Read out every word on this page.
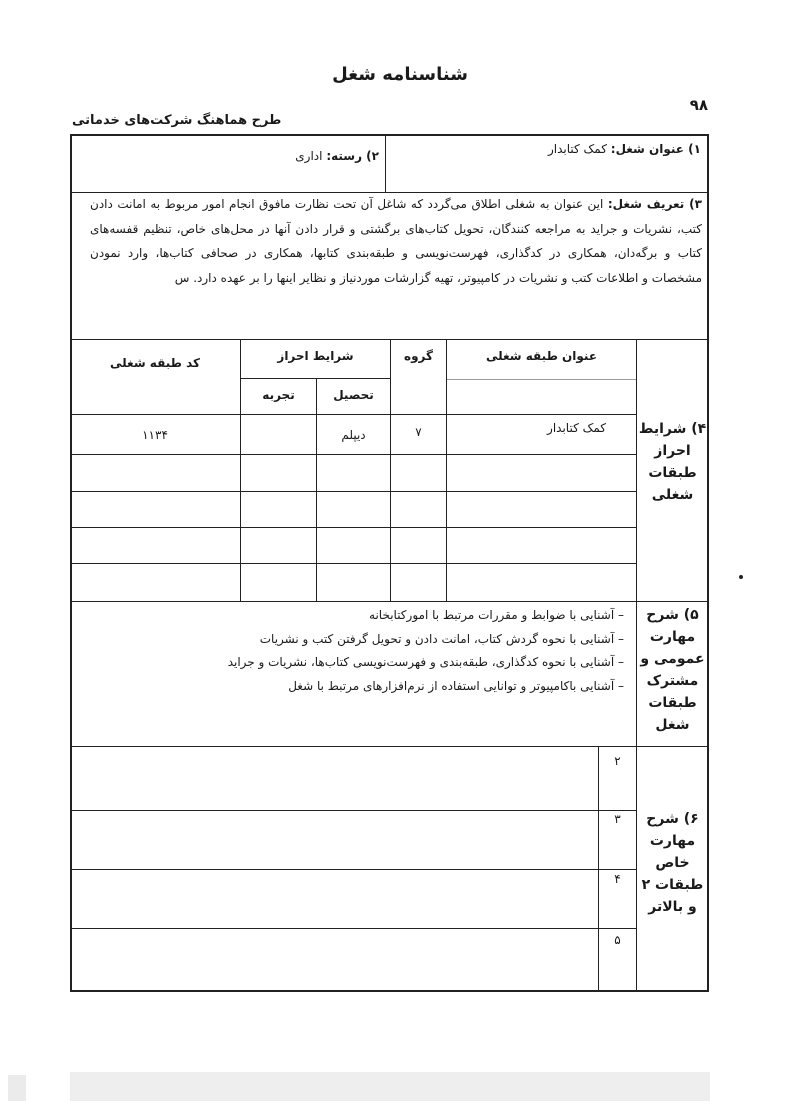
شناسنامه شغل
۹۸
طرح هماهنگ شرکت‌های خدماتی
۱) عنوان شغل: کمک کتابدار
۲) رسته: اداری
۳) تعریف شغل: این عنوان به شغلی اطلاق می‌گردد که شاغل آن تحت نظارت مافوق انجام امور مربوط به امانت دادن کتب، نشریات و جراید به مراجعه کنندگان، تحویل کتاب‌های برگشتی و قرار دادن آنها در محل‌های خاص، تنظیم قفسه‌های کتاب و برگه‌دان، همکاری در کدگذاری، فهرست‌نویسی و طبقه‌بندی کتابها، همکاری در صحافی کتاب‌ها، وارد نمودن مشخصات و اطلاعات کتب و نشریات در کامپیوتر، تهیه گزارشات موردنیاز و نظایر اینها را بر عهده دارد. س
۴) شرایط
احراز
طبقات
شغلی
عنوان طبقه شغلی
گروه
شرایط احراز
کد طبقه شغلی
تحصیل
تجربه
کمک کتابدار
۷
دیپلم
۱۱۳۴
۵) شرح
مهارت
عمومی و
مشترک
طبقات
شغل
– آشنایی با ضوابط و مقررات مرتبط با امورکتابخانه
– آشنایی با نحوه گردش کتاب، امانت دادن و تحویل گرفتن کتب و نشریات
– آشنایی با نحوه کدگذاری، طبقه‌بندی و فهرست‌نویسی کتاب‌ها، نشریات و جراید
– آشنایی باکامپیوتر و توانایی استفاده از نرم‌افزارهای مرتبط با شغل
۶) شرح
مهارت
خاص
طبقات ۲
و بالاتر
۲
۳
۴
۵
